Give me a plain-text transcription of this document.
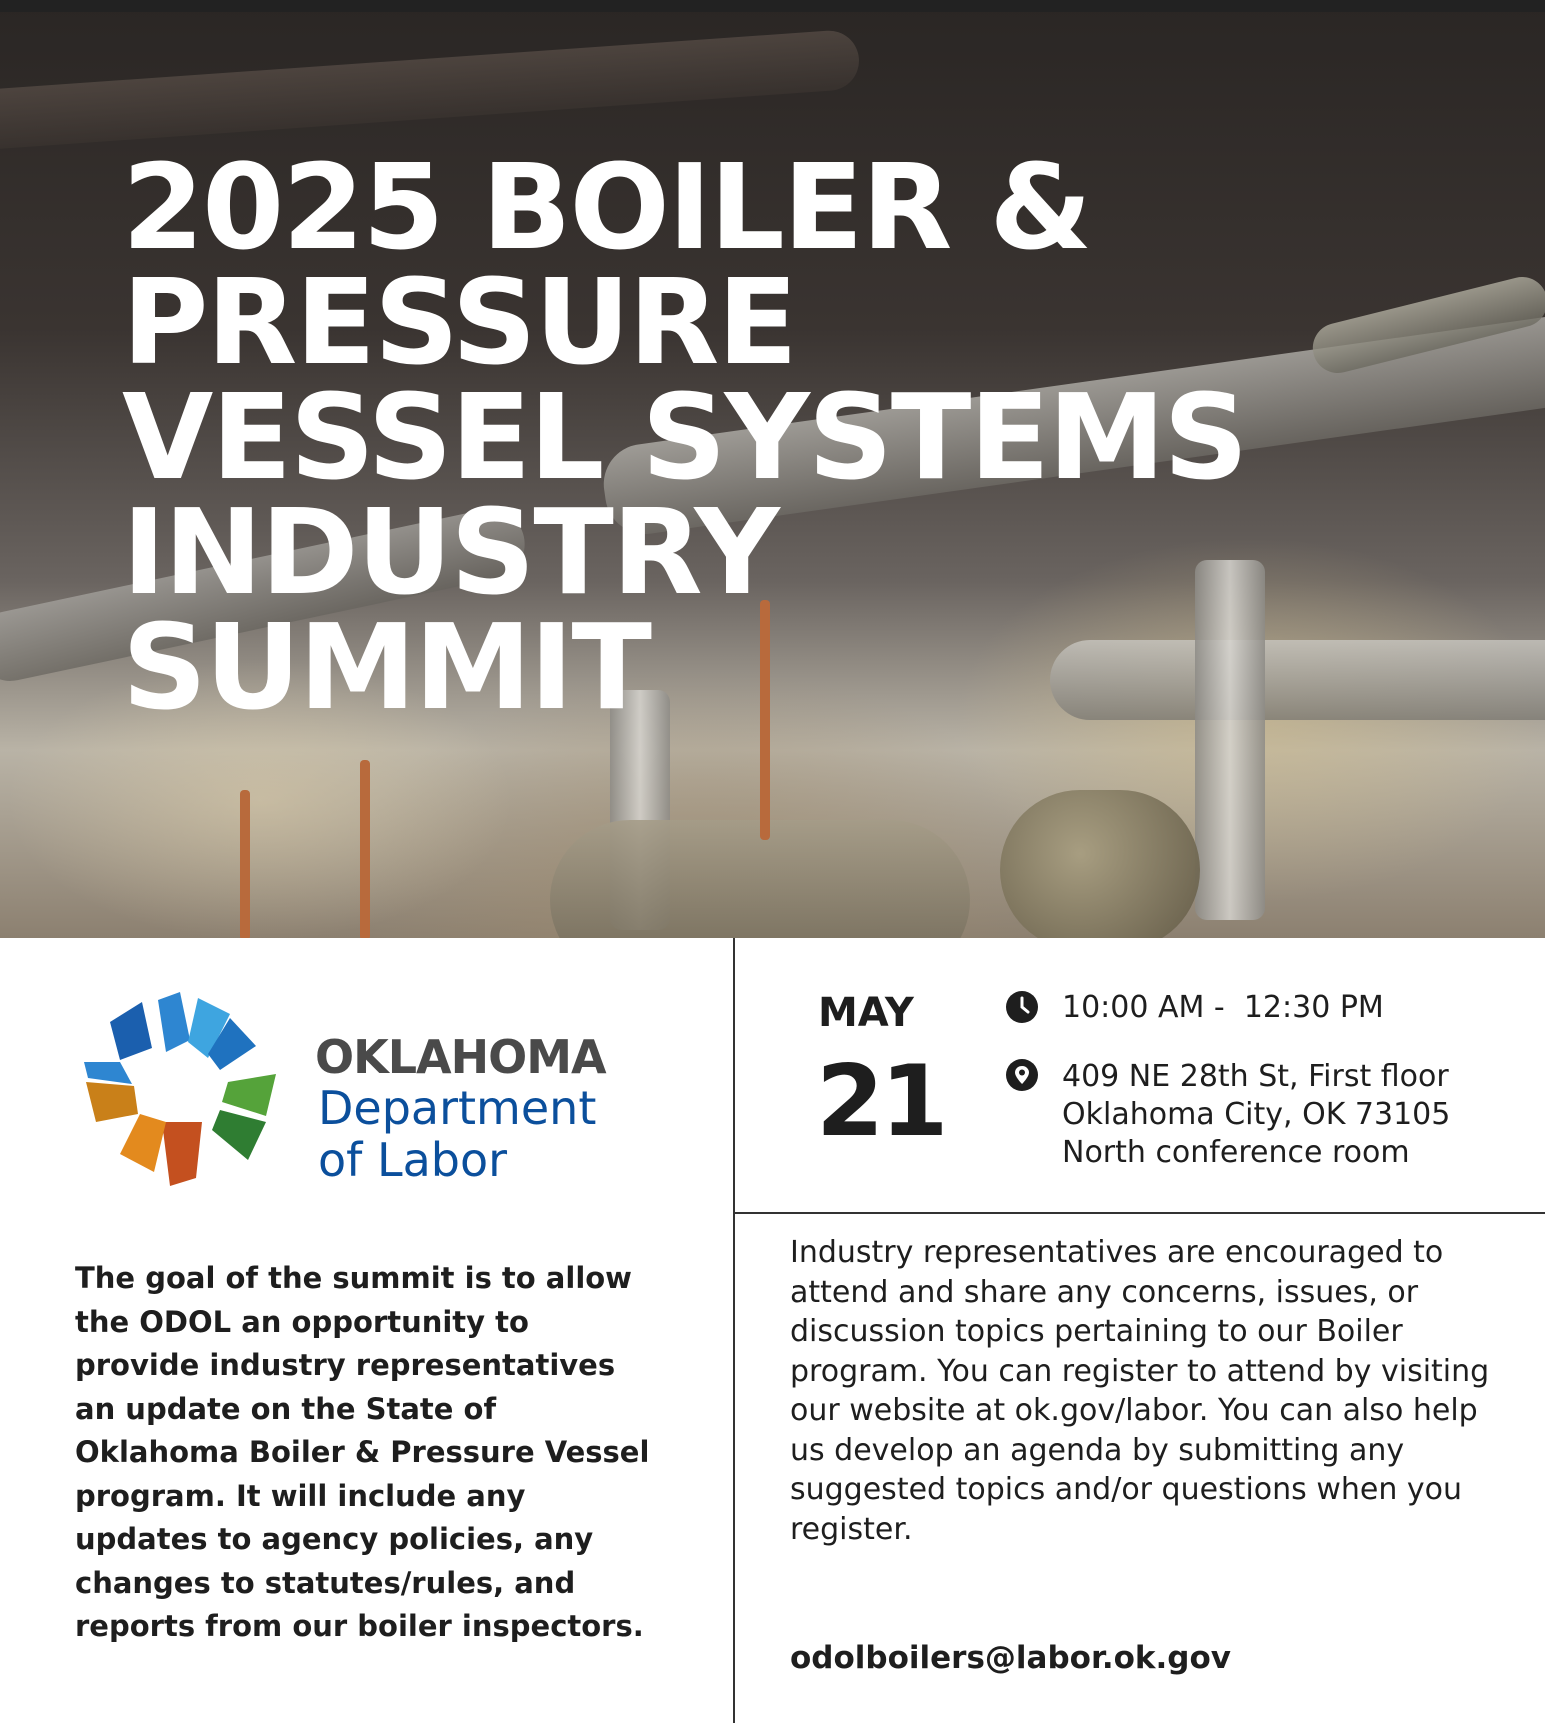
2025 BOILER &
PRESSURE
VESSEL SYSTEMS
INDUSTRY
SUMMIT
OKLAHOMA
Department
of Labor

The goal of the summit is to allow the ODOL an opportunity to provide industry representatives an update on the State of Oklahoma Boiler & Pressure Vessel program. It will include any updates to agency policies, any changes to statutes/rules, and reports from our boiler inspectors.

MAY
21
10:00 AM -  12:30 PM
409 NE 28th St, First floor
Oklahoma City, OK 73105
North conference room

Industry representatives are encouraged to attend and share any concerns, issues, or discussion topics pertaining to our Boiler program. You can register to attend by visiting our website at ok.gov/labor. You can also help us develop an agenda by submitting any suggested topics and/or questions when you register.

odolboilers@labor.ok.gov
